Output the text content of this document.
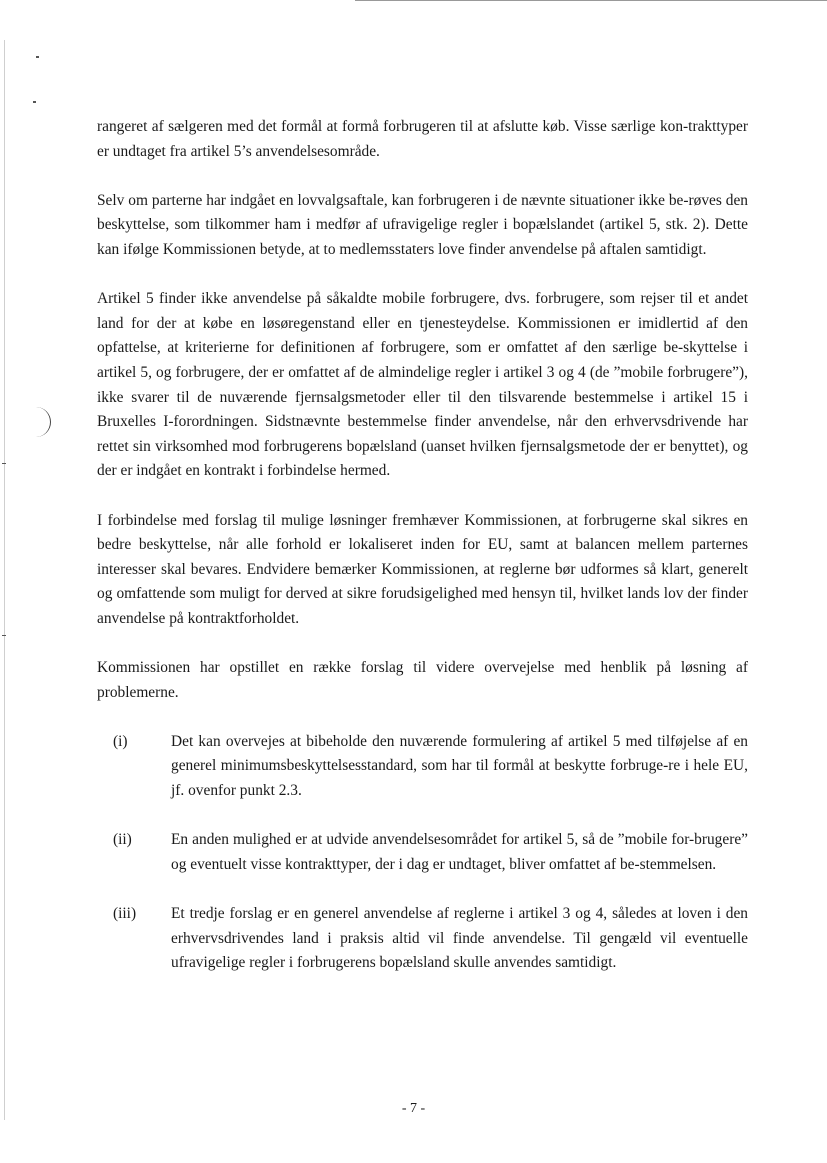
rangeret af sælgeren med det formål at formå forbrugeren til at afslutte køb. Visse særlige kon-trakttyper er undtaget fra artikel 5’s anvendelsesområde.

Selv om parterne har indgået en lovvalgsaftale, kan forbrugeren i de nævnte situationer ikke be-røves den beskyttelse, som tilkommer ham i medfør af ufravigelige regler i bopælslandet (artikel 5, stk. 2). Dette kan ifølge Kommissionen betyde, at to medlemsstaters love finder anvendelse på aftalen samtidigt.

Artikel 5 finder ikke anvendelse på såkaldte mobile forbrugere, dvs. forbrugere, som rejser til et andet land for der at købe en løsøregenstand eller en tjenesteydelse. Kommissionen er imidlertid af den opfattelse, at kriterierne for definitionen af forbrugere, som er omfattet af den særlige be-skyttelse i artikel 5, og forbrugere, der er omfattet af de almindelige regler i artikel 3 og 4 (de ”mobile forbrugere”), ikke svarer til de nuværende fjernsalgsmetoder eller til den tilsvarende bestemmelse i artikel 15 i Bruxelles I-forordningen. Sidstnævnte bestemmelse finder anvendelse, når den erhvervsdrivende har rettet sin virksomhed mod forbrugerens bopælsland (uanset hvilken fjernsalgsmetode der er benyttet), og der er indgået en kontrakt i forbindelse hermed.

I forbindelse med forslag til mulige løsninger fremhæver Kommissionen, at forbrugerne skal sikres en bedre beskyttelse, når alle forhold er lokaliseret inden for EU, samt at balancen mellem parternes interesser skal bevares. Endvidere bemærker Kommissionen, at reglerne bør udformes så klart, generelt og omfattende som muligt for derved at sikre forudsigelighed med hensyn til, hvilket lands lov der finder anvendelse på kontraktforholdet.

Kommissionen har opstillet en række forslag til videre overvejelse med henblik på løsning af problemerne.

(i)	Det kan overvejes at bibeholde den nuværende formulering af artikel 5 med tilføjelse af en generel minimumsbeskyttelsesstandard, som har til formål at beskytte forbruge-re i hele EU, jf. ovenfor punkt 2.3.
(ii)	En anden mulighed er at udvide anvendelsesområdet for artikel 5, så de ”mobile for-brugere” og eventuelt visse kontrakttyper, der i dag er undtaget, bliver omfattet af be-stemmelsen.
(iii)	Et tredje forslag er en generel anvendelse af reglerne i artikel 3 og 4, således at loven i den erhvervsdrivendes land i praksis altid vil finde anvendelse. Til gengæld vil eventuelle ufravigelige regler i forbrugerens bopælsland skulle anvendes samtidigt.
- 7 -
